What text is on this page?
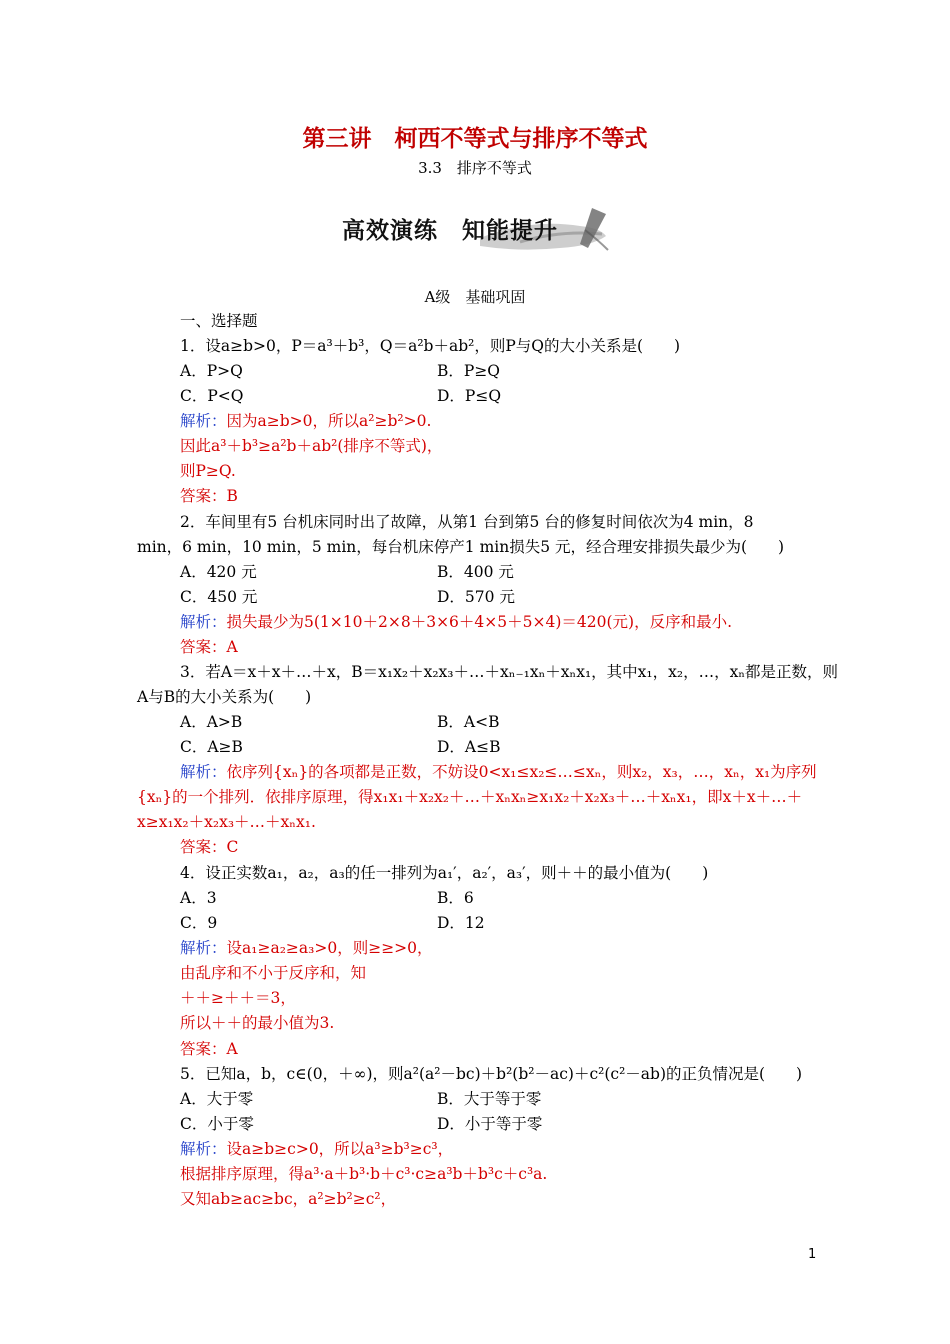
第三讲　柯西不等式与排序不等式
3.3　排序不等式
高效演练　知能提升
A级　基础巩固
一、选择题
1．设a≥b>0，P＝a³＋b³，Q＝a²b＋ab²，则P与Q的大小关系是(　　)
A．P>Q	B．P≥Q
C．P<Q	D．P≤Q
解析：因为a≥b>0，所以a²≥b²>0.
因此a³＋b³≥a²b＋ab²(排序不等式)，
则P≥Q.
答案：B
2．车间里有5 台机床同时出了故障，从第1 台到第5 台的修复时间依次为4 min，8
min，6 min，10 min，5 min，每台机床停产1 min损失5 元，经合理安排损失最少为(　　)
A．420 元	B．400 元
C．450 元	D．570 元
解析：损失最少为5(1×10＋2×8＋3×6＋4×5＋5×4)＝420(元)，反序和最小.
答案：A
3．若A＝x＋x＋…＋x，B＝x₁x₂＋x₂x₃＋…＋xₙ₋₁xₙ＋xₙx₁，其中x₁，x₂，…，xₙ都是正数，则
A与B的大小关系为(　　)
A．A>B	B．A<B
C．A≥B	D．A≤B
解析：依序列{xₙ}的各项都是正数，不妨设0<x₁≤x₂≤…≤xₙ，则x₂，x₃，…，xₙ，x₁为序列
{xₙ}的一个排列．依排序原理，得x₁x₁＋x₂x₂＋…＋xₙxₙ≥x₁x₂＋x₂x₃＋…＋xₙx₁，即x＋x＋…＋
x≥x₁x₂＋x₂x₃＋…＋xₙx₁.
答案：C
4．设正实数a₁，a₂，a₃的任一排列为a₁′，a₂′，a₃′，则＋＋的最小值为(　　)
A．3	B．6
C．9	D．12
解析：设a₁≥a₂≥a₃>0，则≥≥>0，
由乱序和不小于反序和，知
＋＋≥＋＋＝3，
所以＋＋的最小值为3.
答案：A
5．已知a，b，c∈(0，＋∞)，则a²(a²－bc)＋b²(b²－ac)＋c²(c²－ab)的正负情况是(　　)
A．大于零	B．大于等于零
C．小于零	D．小于等于零
解析：设a≥b≥c>0，所以a³≥b³≥c³，
根据排序原理，得a³·a＋b³·b＋c³·c≥a³b＋b³c＋c³a.
又知ab≥ac≥bc，a²≥b²≥c²，
1
